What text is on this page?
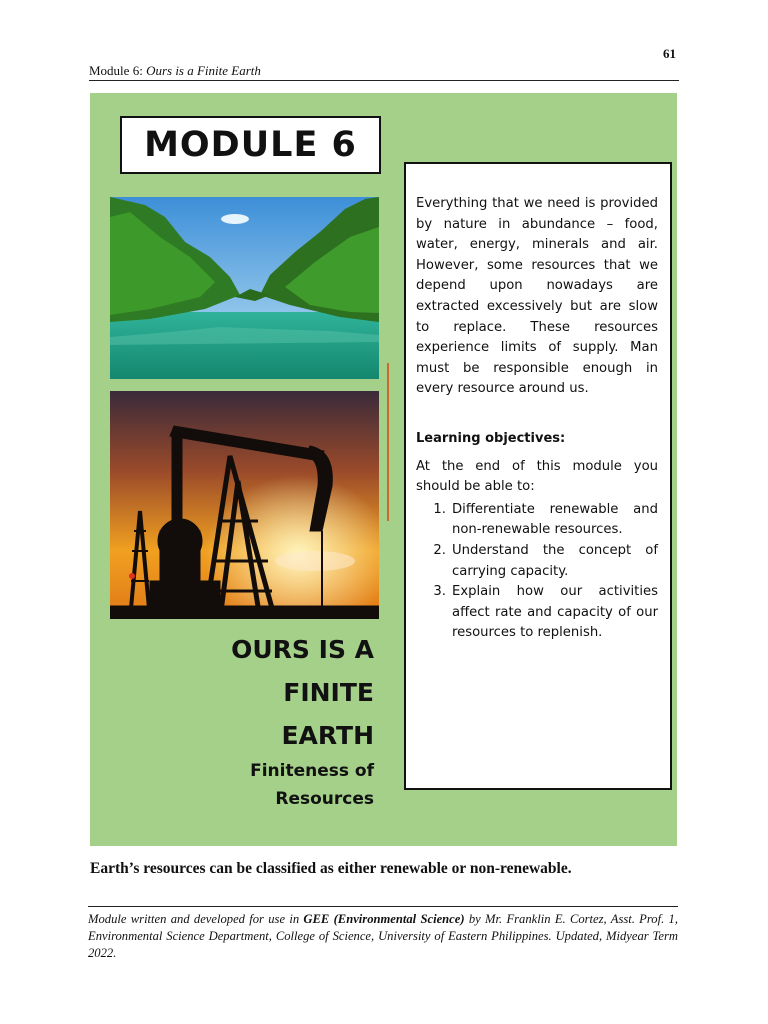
61
Module 6: Ours is a Finite Earth
MODULE 6
OURS IS A
FINITE
EARTH
Finiteness of
Resources

Everything that we need is provided by nature in abundance – food, water, energy, minerals and air. However, some resources that we depend upon nowadays are extracted excessively but are slow to replace. These resources experience limits of supply. Man must be responsible enough in every resource around us.

Learning objectives:

At the end of this module you should be able to:

1. Differentiate renewable and non-renewable resources.
2. Understand the concept of carrying capacity.
3. Explain how our activities affect rate and capacity of our resources to replenish.
Earth’s resources can be classified as either renewable or non-renewable.
Module written and developed for use in GEE (Environmental Science) by Mr. Franklin E. Cortez, Asst. Prof. 1, Environmental Science Department, College of Science, University of Eastern Philippines. Updated, Midyear Term 2022.
